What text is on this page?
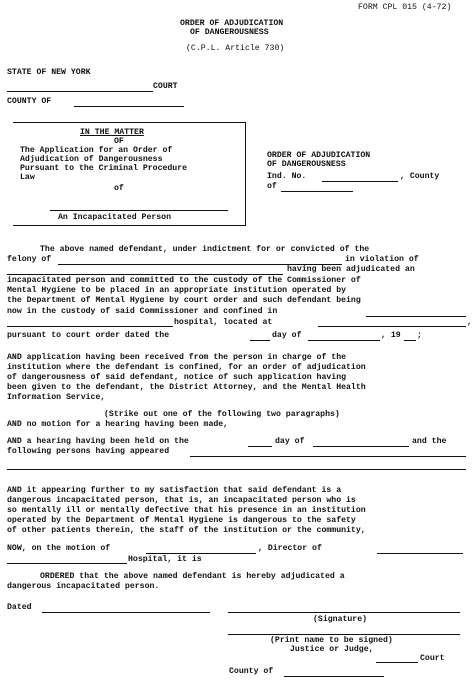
FORM CPL 015 (4-72)
ORDER OF ADJUDICATION
OF DANGEROUSNESS
(C.P.L. Article 730)
STATE OF NEW YORK
COURT
COUNTY OF
IN THE MATTER
OF
The Application for an Order of
Adjudication of Dangerousness
Pursuant to the Criminal Procedure
Law
of
An Incapacitated Person
ORDER OF ADJUDICATION
OF DANGEROUSNESS
Ind. No.	, County
of
The above named defendant, under indictment for or convicted of the
felony of	in violation of
having been adjudicated an
incapacitated person and committed to the custody of the Commissioner of
Mental Hygiene to be placed in an appropriate institution operated by
the Department of Mental Hygiene by court order and such defendant being
now in the custody of said Commissioner and confined in
hospital, located at	,
pursuant to court order dated the	day of	, 19 ;
AND application having been received from the person in charge of the
institution where the defendant is confined, for an order of adjudication
of dangerousness of said defendant, notice of such application having
been given to the defendant, the District Attorney, and the Mental Health
Information Service,
(Strike out one of the following two paragraphs)
AND no motion for a hearing having been made,
AND a hearing having been held on the	day of	and the
following persons having appeared
AND it appearing further to my satisfaction that said defendant is a
dangerous incapacitated person, that is, an incapacitated person who is
so mentally ill or mentally defective that his presence in an institution
operated by the Department of Mental Hygiene is dangerous to the safety
of other patients therein, the staff of the institution or the community,
NOW, on the motion of	, Director of
Hospital, it is
ORDERED that the above named defendant is hereby adjudicated a
dangerous incapacitated person.
Dated
(Signature)
(Print name to be signed)
Justice or Judge,
Court
County of
